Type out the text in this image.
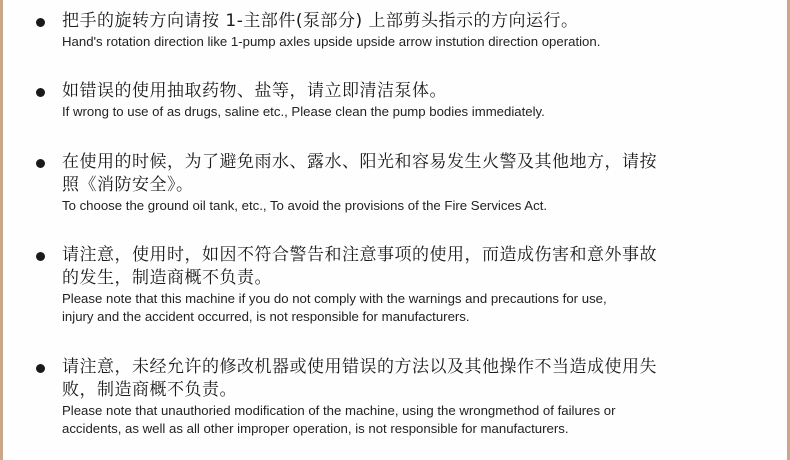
把手的旋转方向请按 1-主部件(泵部分) 上部剪头指示的方向运行。
Hand's rotation direction like 1-pump axles upside upside arrow instution direction operation.
如错误的使用抽取药物、盐等，请立即清洁泵体。
If wrong to use of as drugs, saline etc., Please clean the pump bodies immediately.
在使用的时候，为了避免雨水、露水、阳光和容易发生火警及其他地方，请按
照《消防安全》。
To choose the ground oil tank, etc., To avoid the provisions of the Fire Services Act.
请注意，使用时，如因不符合警告和注意事项的使用，而造成伤害和意外事故
的发生，制造商概不负责。
Please note that this machine if you do not comply with the warnings and precautions for use,
injury and the accident occurred, is not responsible for manufacturers.
请注意，未经允许的修改机器或使用错误的方法以及其他操作不当造成使用失
败，制造商概不负责。
Please note that unauthoried modification of the machine, using the wrongmethod of failures or
accidents, as well as all other improper operation, is not responsible for manufacturers.
